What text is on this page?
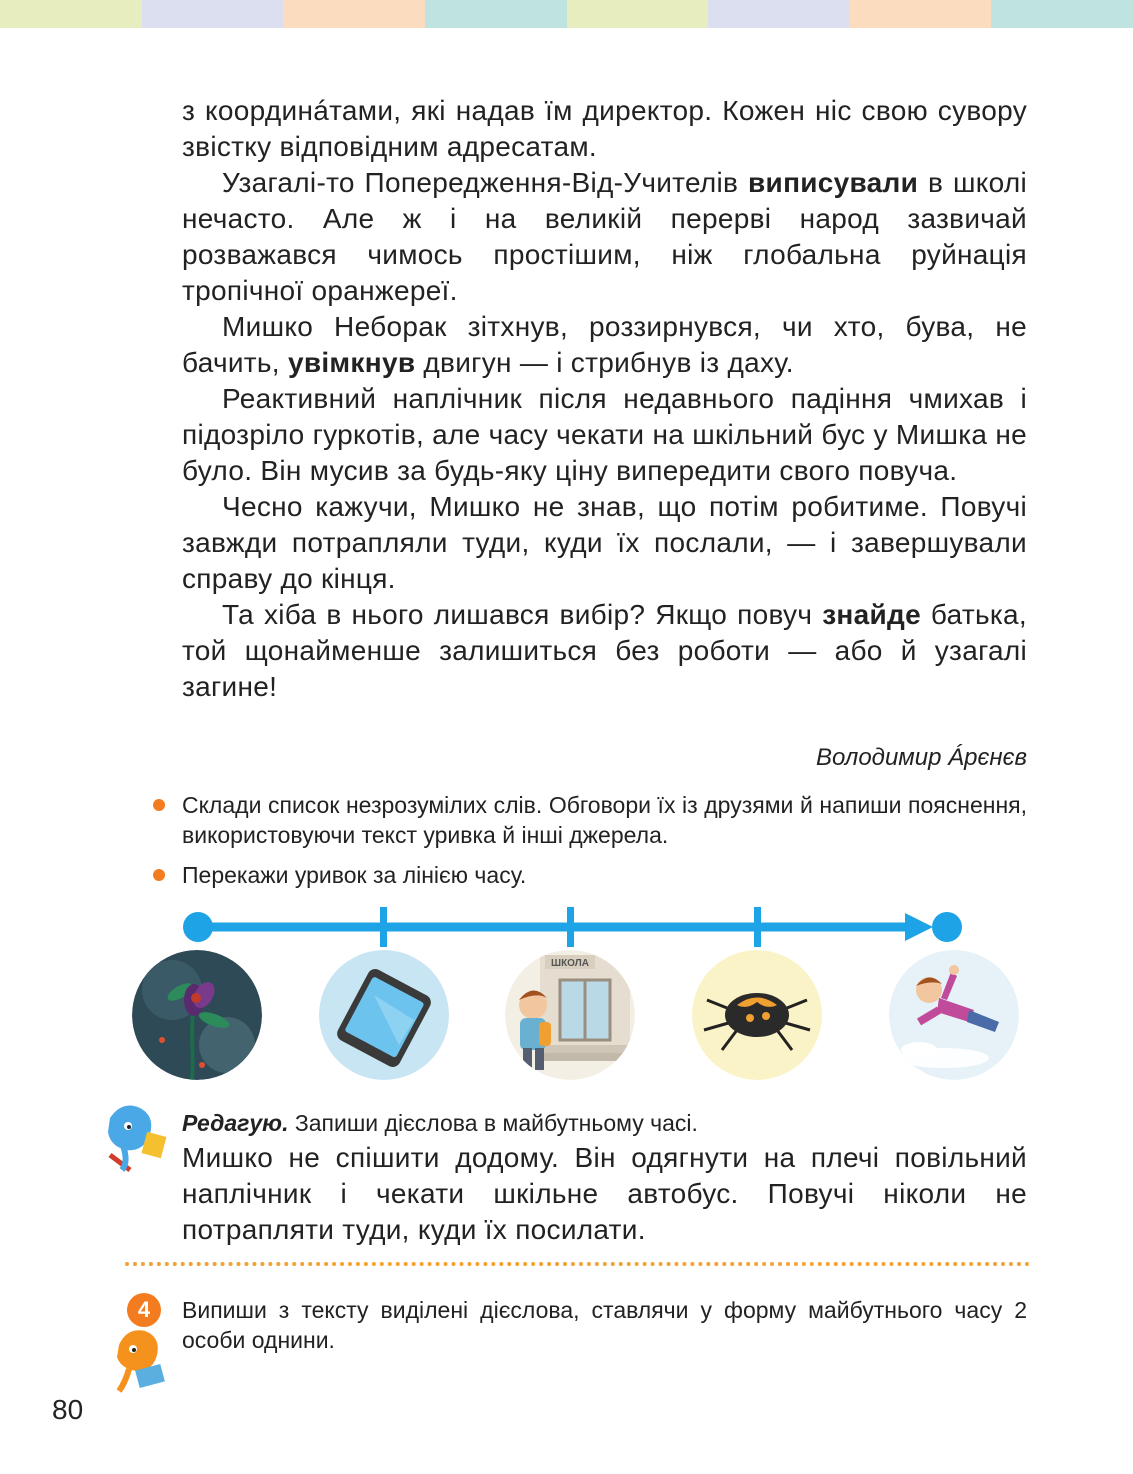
з координáтами, які надав їм директор. Кожен ніс свою сувору звістку відповідним адресатам.

Узагалі-то Попередження-Від-Учителів виписували в школі нечасто. Але ж і на великій перерві народ зазвичай розважався чимось простішим, ніж глобальна руйнація тропічної оранжереї.

Мишко Неборак зітхнув, роззирнувся, чи хто, бува, не бачить, увімкнув двигун — і стрибнув із даху.

Реактивний наплічник після недавнього падіння чмихав і підозріло гуркотів, але часу чекати на шкільний бус у Мишка не було. Він мусив за будь-яку ціну випередити свого повуча.

Чесно кажучи, Мишко не знав, що потім робитиме. Повучі завжди потрапляли туди, куди їх послали, — і завершували справу до кінця.

Та хіба в нього лишався вибір? Якщо повуч знайде батька, той щонайменше залишиться без роботи — або й узагалі загине!

Володимир Áрєнєв
Склади список незрозумілих слів. Обговори їх із друзями й напиши пояснення, використовуючи текст уривка й інші джерела.
Перекажи уривок за лінією часу.
ШКОЛА
Редагую. Запиши дієслова в майбутньому часі.
Мишко не спішити додому. Він одягнути на плечі повільний наплічник і чекати шкільне автобус. Повучі ніколи не потрапляти туди, куди їх посилати.
4	Випиши з тексту виділені дієслова, ставлячи у форму майбутнього часу 2 особи однини.
80
